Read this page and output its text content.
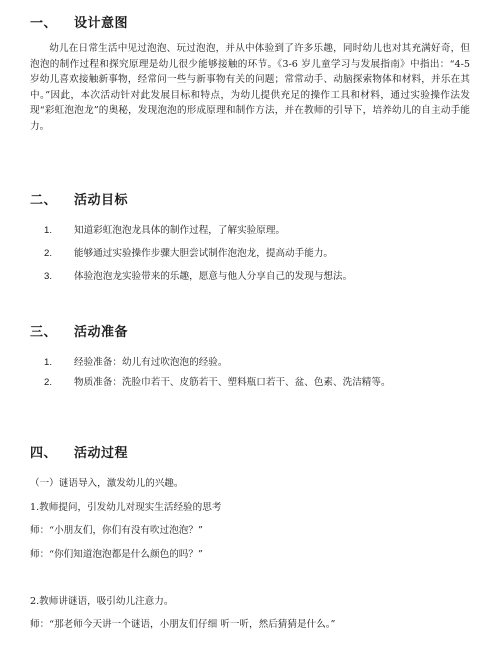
一、 设计意图

幼儿在日常生活中见过泡泡、玩过泡泡，并从中体验到了许多乐趣，同时幼儿也对其充满好奇，但泡泡的制作过程和探究原理是幼儿很少能够接触的环节。《3-6 岁儿童学习与发展指南》中指出：“4-5 岁幼儿喜欢接触新事物，经常问一些与新事物有关的问题；常常动手、动脑探索物体和材料，并乐在其中。”因此，本次活动针对此发展目标和特点，为幼儿提供充足的操作工具和材料，通过实验操作法发现“彩虹泡泡龙”的奥秘，发现泡泡的形成原理和制作方法，并在教师的引导下，培养幼儿的自主动手能力。

二、 活动目标
1. 知道彩虹泡泡龙具体的制作过程，了解实验原理。
2. 能够通过实验操作步骤大胆尝试制作泡泡龙，提高动手能力。
3. 体验泡泡龙实验带来的乐趣，愿意与他人分享自己的发现与想法。
三、 活动准备
1. 经验准备：幼儿有过吹泡泡的经验。
2. 物质准备：洗脸巾若干、皮筋若干、塑料瓶口若干、盆、色素、洗洁精等。
四、 活动过程
（一）谜语导入，激发幼儿的兴趣。
1.教师提问，引发幼儿对现实生活经验的思考
师：“小朋友们，你们有没有吹过泡泡？”
师：“你们知道泡泡都是什么颜色的吗？”
2.教师讲谜语，吸引幼儿注意力。
师：“那老师今天讲一个谜语，小朋友们仔细 听一听，然后猜猜是什么。”
